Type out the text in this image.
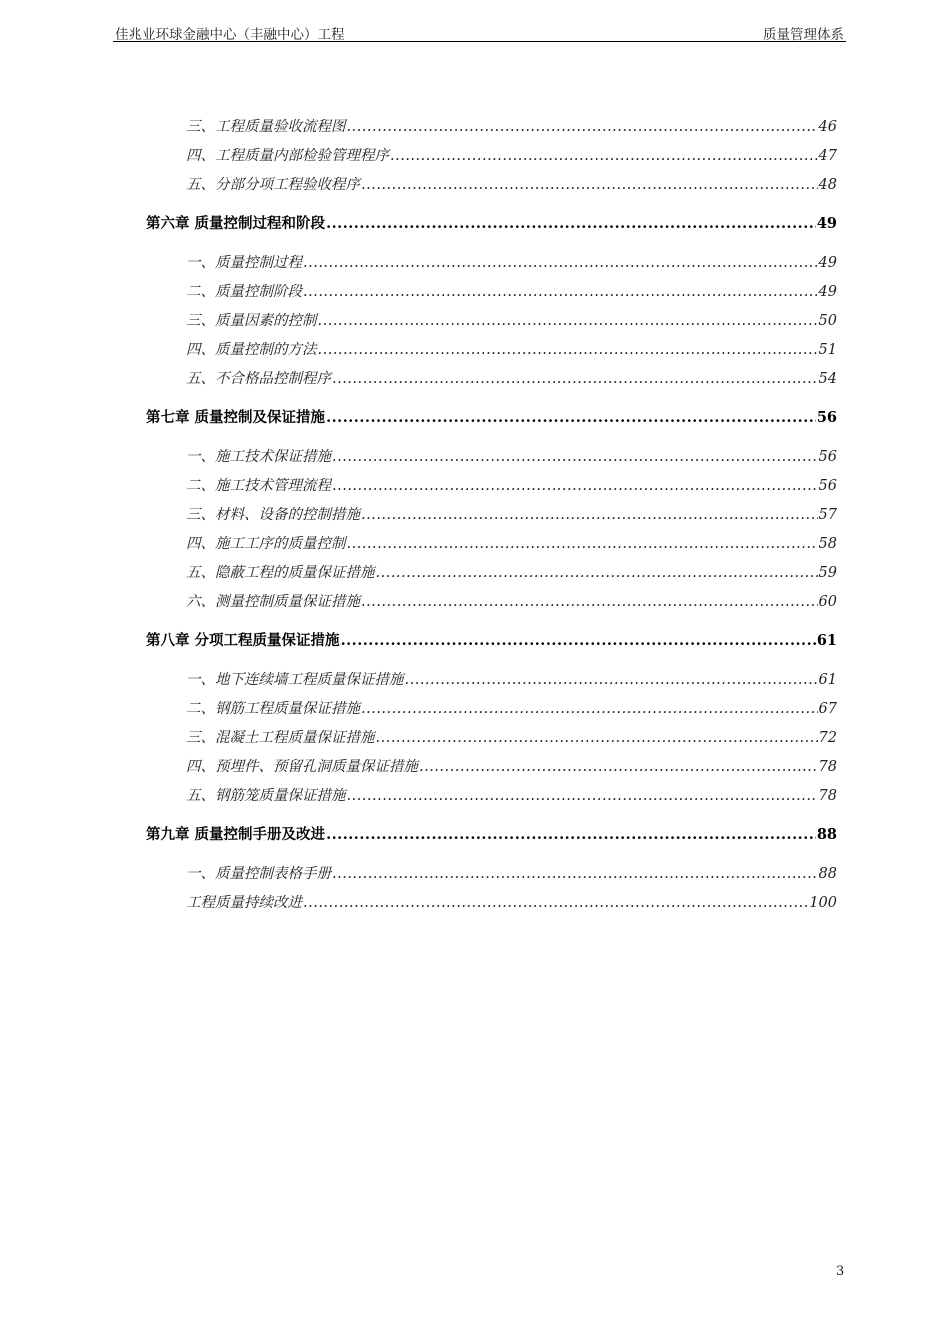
佳兆业环球金融中心（丰融中心）工程	质量管理体系
三、工程质量验收流程图 .....	46
四、工程质量内部检验管理程序 .....	47
五、分部分项工程验收程序 .....	48
第六章 质量控制过程和阶段 .....	49
一、质量控制过程 .....	49
二、质量控制阶段 .....	49
三、质量因素的控制 .....	50
四、质量控制的方法 .....	51
五、不合格品控制程序 .....	54
第七章 质量控制及保证措施 .....	56
一、施工技术保证措施 .....	56
二、施工技术管理流程 .....	56
三、材料、设备的控制措施 .....	57
四、施工工序的质量控制 .....	58
五、隐蔽工程的质量保证措施 .....	59
六、测量控制质量保证措施 .....	60
第八章 分项工程质量保证措施 .....	61
一、地下连续墙工程质量保证措施 .....	61
二、钢筋工程质量保证措施 .....	67
三、混凝土工程质量保证措施 .....	72
四、预埋件、预留孔洞质量保证措施 .....	78
五、钢筋笼质量保证措施 .....	78
第九章 质量控制手册及改进 .....	88
一、质量控制表格手册 .....	88
工程质量持续改进 .....	100
3
